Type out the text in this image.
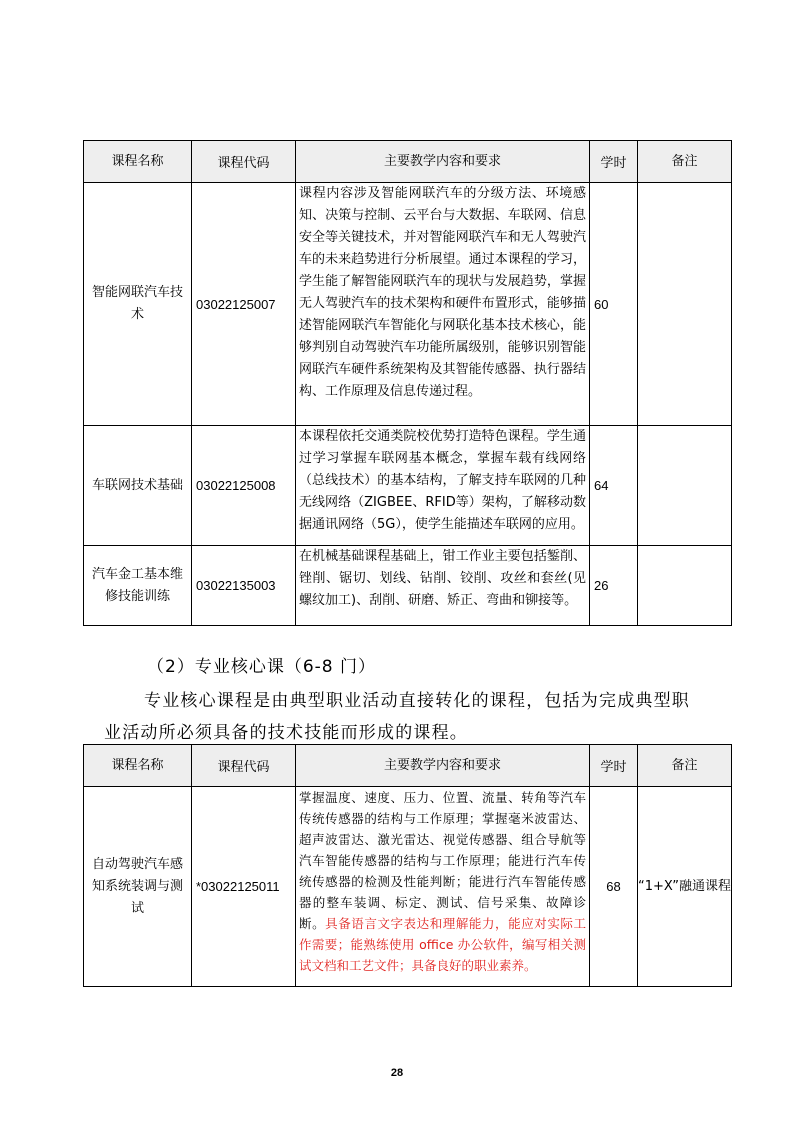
课程名称	课程代码	主要教学内容和要求	学时	备注
智能网联汽车技术	03022125007	课程内容涉及智能网联汽车的分级方法、环境感知、决策与控制、云平台与大数据、车联网、信息安全等关键技术，并对智能网联汽车和无人驾驶汽车的未来趋势进行分析展望。通过本课程的学习，学生能了解智能网联汽车的现状与发展趋势，掌握无人驾驶汽车的技术架构和硬件布置形式，能够描述智能网联汽车智能化与网联化基本技术核心，能够判别自动驾驶汽车功能所属级别，能够识别智能网联汽车硬件系统架构及其智能传感器、执行器结构、工作原理及信息传递过程。	60	
车联网技术基础	03022125008	本课程依托交通类院校优势打造特色课程。学生通过学习掌握车联网基本概念，掌握车载有线网络（总线技术）的基本结构，了解支持车联网的几种无线网络（ZIGBEE、RFID等）架构，了解移动数据通讯网络（5G），使学生能描述车联网的应用。	64	
汽车金工基本维修技能训练	03022135003	在机械基础课程基础上，钳工作业主要包括錾削、锉削、锯切、划线、钻削、铰削、攻丝和套丝(见螺纹加工)、刮削、研磨、矫正、弯曲和铆接等。	26	
（2）专业核心课（6-8 门）
专业核心课程是由典型职业活动直接转化的课程，包括为完成典型职业活动所必须具备的技术技能而形成的课程。
课程名称	课程代码	主要教学内容和要求	学时	备注
自动驾驶汽车感知系统装调与测试	*03022125011	掌握温度、速度、压力、位置、流量、转角等汽车传统传感器的结构与工作原理；掌握毫米波雷达、超声波雷达、激光雷达、视觉传感器、组合导航等汽车智能传感器的结构与工作原理；能进行汽车传统传感器的检测及性能判断；能进行汽车智能传感器的整车装调、标定、测试、信号采集、故障诊断。具备语言文字表达和理解能力，能应对实际工作需要；能熟练使用 office 办公软件，编写相关测试文档和工艺文件；具备良好的职业素养。	68	“1+X”融通课程
28
